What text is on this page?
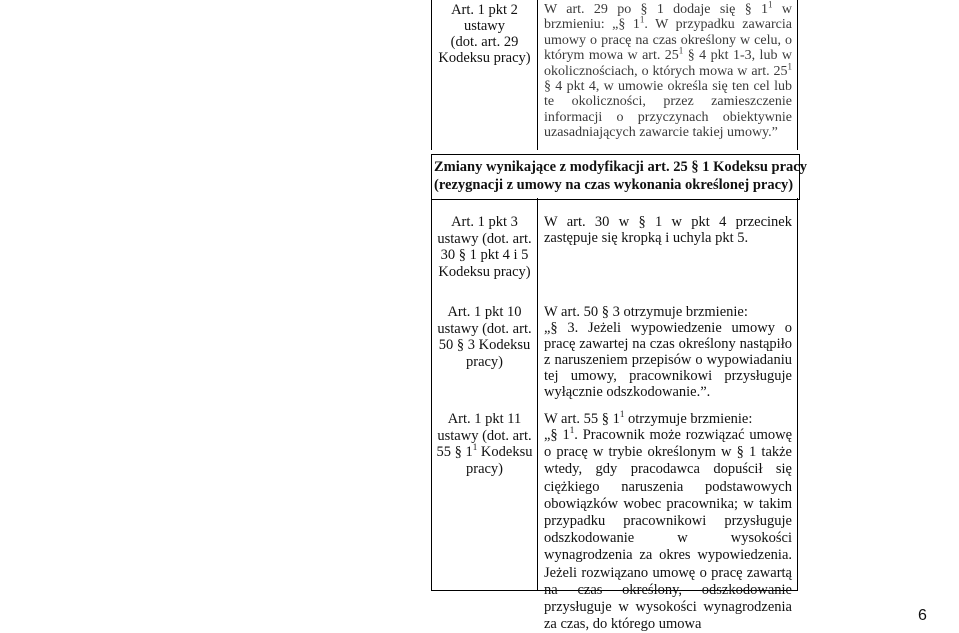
Zmiany wynikające z modyfikacji art. 25 § 1 Kodeksu pracy
(rezygnacji z umowy na czas wykonania określonej pracy)
Art. 1 pkt 2
ustawy
(dot. art. 29
Kodeksu pracy)
W art. 29 po § 1 dodaje się § $1^1$ w brzmieniu: „§ $1^1$. W przypadku zawarcia umowy o pracę na czas określony w celu, o którym mowa w art. $25^1$ § 4 pkt 1-3, lub w okolicznościach, o których mowa w art. $25^1$ § 4 pkt 4, w umowie określa się ten cel lub te okoliczności, przez zamieszczenie informacji o przyczynach obiektywnie uzasadniających zawarcie takiej umowy.”
Art. 1 pkt 3 ustawy (dot. art. 30 § 1 pkt 4 i 5 Kodeksu pracy)
W art. 30 w § 1 w pkt 4 przecinek zastępuje się kropką i uchyla pkt 5.
Art. 1 pkt 10 ustawy (dot. art. 50 § 3 Kodeksu pracy)
W art. 50 § 3 otrzymuje brzmienie:
„§ 3. Jeżeli wypowiedzenie umowy o pracę zawartej na czas określony nastąpiło z naruszeniem przepisów o wypowiadaniu tej umowy, pracownikowi przysługuje wyłącznie odszkodowanie.”.
Art. 1 pkt 11 ustawy (dot. art. 55 § $1^1$ Kodeksu pracy)
W art. 55 § $1^1$ otrzymuje brzmienie:
„§ $1^1$. Pracownik może rozwiązać umowę o pracę w trybie określonym w § 1 także wtedy, gdy pracodawca dopuścił się ciężkiego naruszenia podstawowych obowiązków wobec pracownika; w takim przypadku pracownikowi przysługuje odszkodowanie w wysokości wynagrodzenia za okres wypowiedzenia. Jeżeli rozwiązano umowę o pracę zawartą na czas określony, odszkodowanie przysługuje w wysokości wynagrodzenia za czas, do którego umowa
6
